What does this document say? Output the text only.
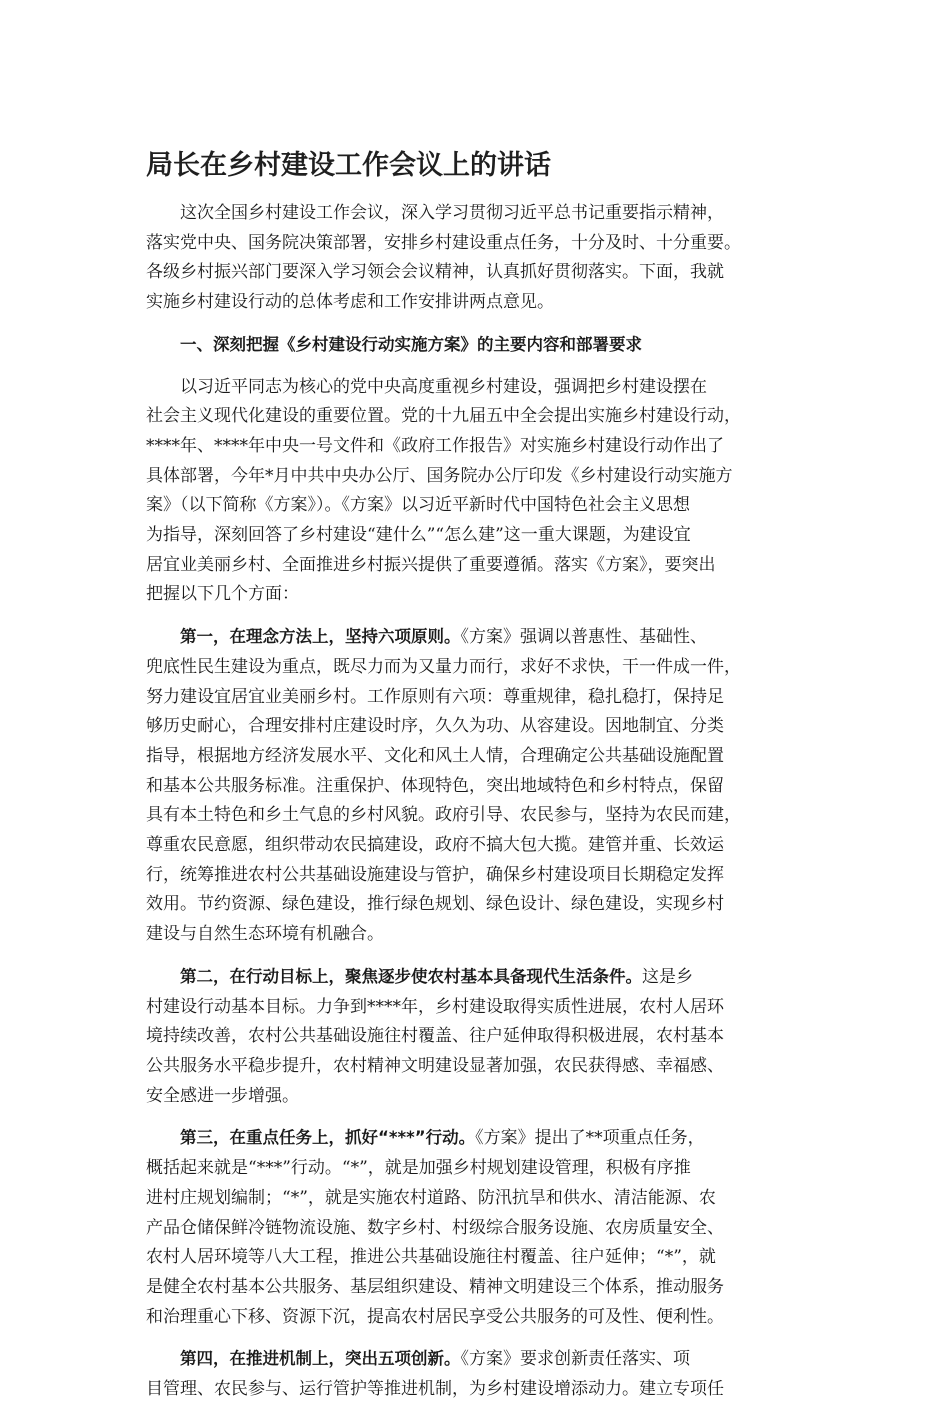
局长在乡村建设工作会议上的讲话

这次全国乡村建设工作会议，深入学习贯彻习近平总书记重要指示精神，
落实党中央、国务院决策部署，安排乡村建设重点任务，十分及时、十分重要。
各级乡村振兴部门要深入学习领会会议精神，认真抓好贯彻落实。下面，我就
实施乡村建设行动的总体考虑和工作安排讲两点意见。

一、深刻把握《乡村建设行动实施方案》的主要内容和部署要求

以习近平同志为核心的党中央高度重视乡村建设，强调把乡村建设摆在
社会主义现代化建设的重要位置。党的十九届五中全会提出实施乡村建设行动，
****年、****年中央一号文件和《政府工作报告》对实施乡村建设行动作出了
具体部署，今年*月中共中央办公厅、国务院办公厅印发《乡村建设行动实施方
案》（以下简称《方案》）。《方案》以习近平新时代中国特色社会主义思想
为指导，深刻回答了乡村建设“建什么”“怎么建”这一重大课题，为建设宜
居宜业美丽乡村、全面推进乡村振兴提供了重要遵循。落实《方案》，要突出
把握以下几个方面：

第一，在理念方法上，坚持六项原则。《方案》强调以普惠性、基础性、
兜底性民生建设为重点，既尽力而为又量力而行，求好不求快，干一件成一件，
努力建设宜居宜业美丽乡村。工作原则有六项：尊重规律，稳扎稳打，保持足
够历史耐心，合理安排村庄建设时序，久久为功、从容建设。因地制宜、分类
指导，根据地方经济发展水平、文化和风土人情，合理确定公共基础设施配置
和基本公共服务标准。注重保护、体现特色，突出地域特色和乡村特点，保留
具有本土特色和乡土气息的乡村风貌。政府引导、农民参与，坚持为农民而建，
尊重农民意愿，组织带动农民搞建设，政府不搞大包大揽。建管并重、长效运
行，统筹推进农村公共基础设施建设与管护，确保乡村建设项目长期稳定发挥
效用。节约资源、绿色建设，推行绿色规划、绿色设计、绿色建设，实现乡村
建设与自然生态环境有机融合。

第二，在行动目标上，聚焦逐步使农村基本具备现代生活条件。这是乡
村建设行动基本目标。力争到****年，乡村建设取得实质性进展，农村人居环
境持续改善，农村公共基础设施往村覆盖、往户延伸取得积极进展，农村基本
公共服务水平稳步提升，农村精神文明建设显著加强，农民获得感、幸福感、
安全感进一步增强。

第三，在重点任务上，抓好“***”行动。《方案》提出了**项重点任务，
概括起来就是“***”行动。“*”，就是加强乡村规划建设管理，积极有序推
进村庄规划编制；“*”，就是实施农村道路、防汛抗旱和供水、清洁能源、农
产品仓储保鲜冷链物流设施、数字乡村、村级综合服务设施、农房质量安全、
农村人居环境等八大工程，推进公共基础设施往村覆盖、往户延伸；“*”，就
是健全农村基本公共服务、基层组织建设、精神文明建设三个体系，推动服务
和治理重心下移、资源下沉，提高农村居民享受公共服务的可及性、便利性。

第四，在推进机制上，突出五项创新。《方案》要求创新责任落实、项
目管理、农民参与、运行管护等推进机制，为乡村建设增添动力。建立专项任
